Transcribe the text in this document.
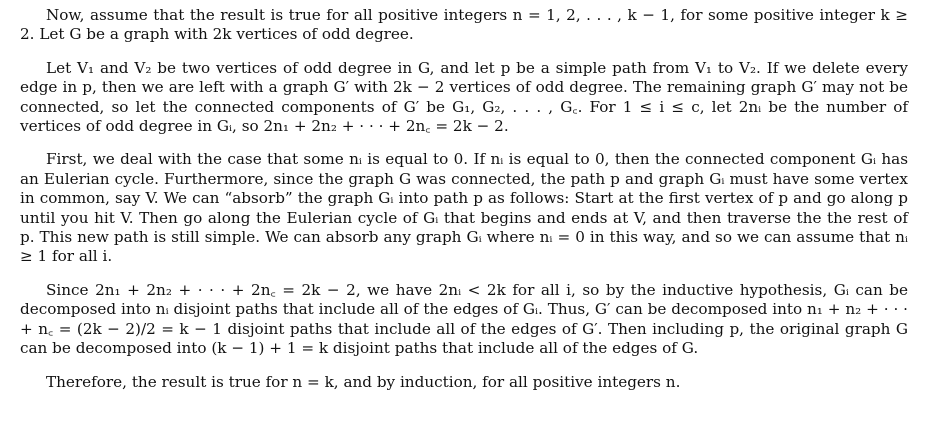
Now, assume that the result is true for all positive integers n = 1, 2, . . . , k − 1, for some positive integer k ≥ 2. Let G be a graph with 2k vertices of odd degree.

Let V₁ and V₂ be two vertices of odd degree in G, and let p be a simple path from V₁ to V₂. If we delete every edge in p, then we are left with a graph G′ with 2k − 2 vertices of odd degree. The remaining graph G′ may not be connected, so let the connected components of G′ be G₁, G₂, . . . , G꜀. For 1 ≤ i ≤ c, let 2nᵢ be the number of vertices of odd degree in Gᵢ, so 2n₁ + 2n₂ + · · · + 2n꜀ = 2k − 2.

First, we deal with the case that some nᵢ is equal to 0. If nᵢ is equal to 0, then the connected component Gᵢ has an Eulerian cycle. Furthermore, since the graph G was connected, the path p and graph Gᵢ must have some vertex in common, say V. We can “absorb” the graph Gᵢ into path p as follows: Start at the first vertex of p and go along p until you hit V. Then go along the Eulerian cycle of Gᵢ that begins and ends at V, and then traverse the the rest of p. This new path is still simple. We can absorb any graph Gᵢ where nᵢ = 0 in this way, and so we can assume that nᵢ ≥ 1 for all i.

Since 2n₁ + 2n₂ + · · · + 2n꜀ = 2k − 2, we have 2nᵢ < 2k for all i, so by the inductive hypothesis, Gᵢ can be decomposed into nᵢ disjoint paths that include all of the edges of Gᵢ. Thus, G′ can be decomposed into n₁ + n₂ + · · · + n꜀ = (2k − 2)/2 = k − 1 disjoint paths that include all of the edges of G′. Then including p, the original graph G can be decomposed into (k − 1) + 1 = k disjoint paths that include all of the edges of G.

Therefore, the result is true for n = k, and by induction, for all positive integers n.
